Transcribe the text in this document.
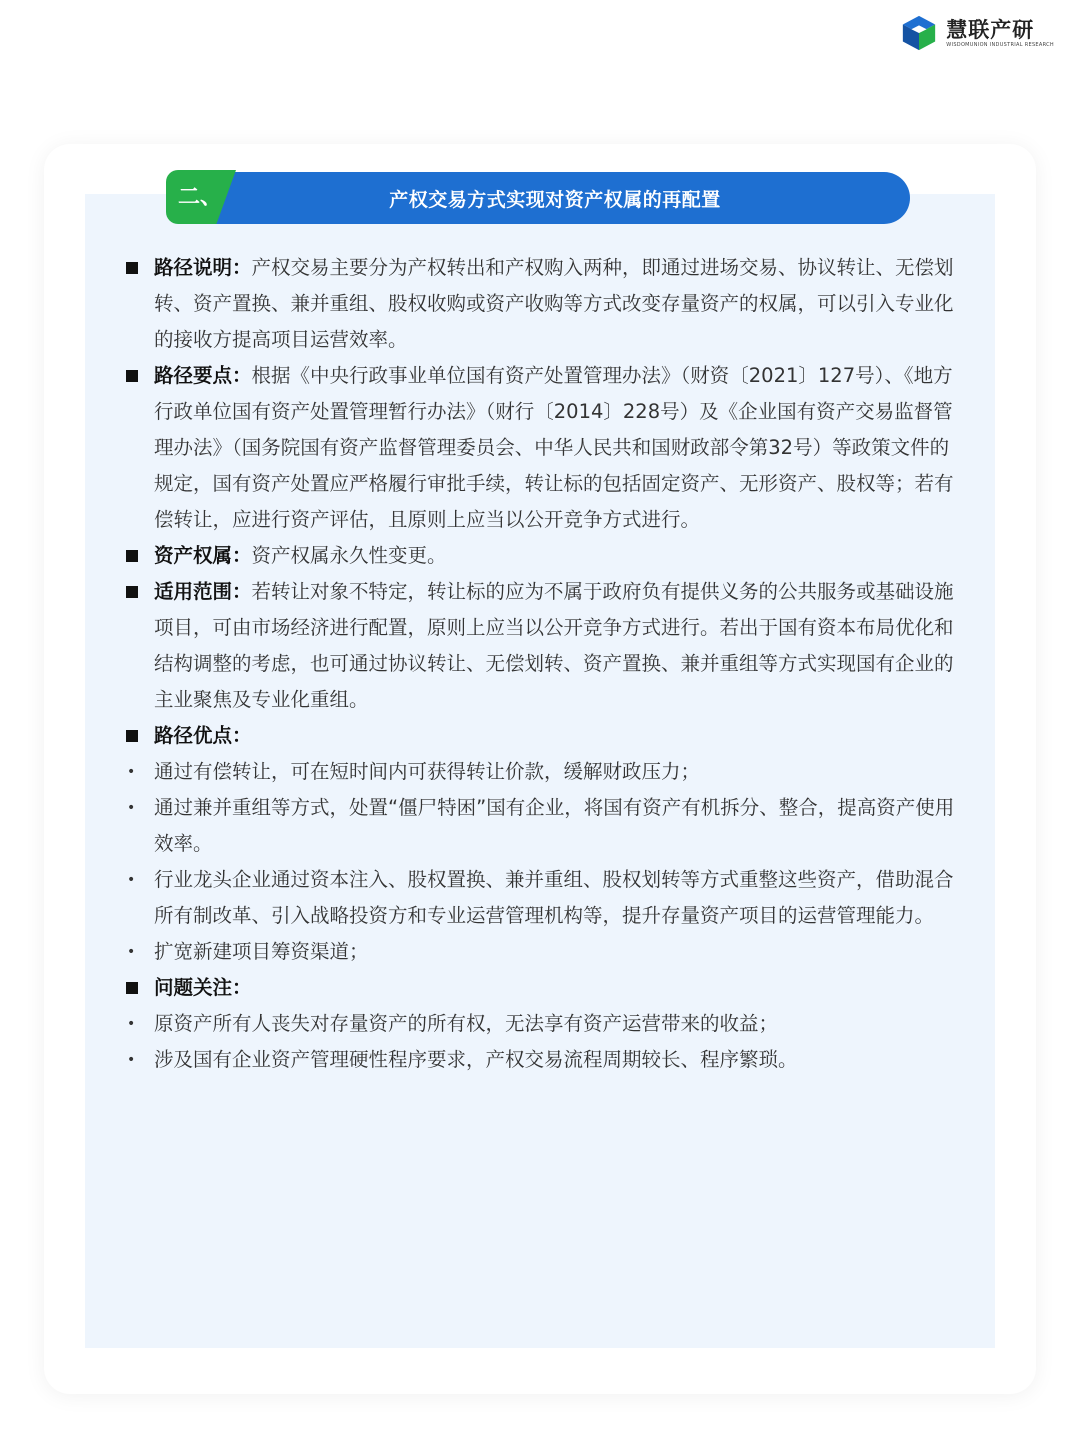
慧联产研
WISDOMUNION INDUSTRIAL RESEARCH
产权交易方式实现对资产权属的再配置
二、
路径说明：产权交易主要分为产权转出和产权购入两种，即通过进场交易、协议转让、无偿划转、资产置换、兼并重组、股权收购或资产收购等方式改变存量资产的权属，可以引入专业化的接收方提高项目运营效率。
路径要点：根据《中央行政事业单位国有资产处置管理办法》（财资〔2021〕127号）、《地方行政单位国有资产处置管理暂行办法》（财行〔2014〕228号）及《企业国有资产交易监督管理办法》（国务院国有资产监督管理委员会、中华人民共和国财政部令第32号）等政策文件的规定，国有资产处置应严格履行审批手续，转让标的包括固定资产、无形资产、股权等；若有偿转让，应进行资产评估，且原则上应当以公开竞争方式进行。
资产权属：资产权属永久性变更。
适用范围：若转让对象不特定，转让标的应为不属于政府负有提供义务的公共服务或基础设施项目，可由市场经济进行配置，原则上应当以公开竞争方式进行。若出于国有资本布局优化和结构调整的考虑，也可通过协议转让、无偿划转、资产置换、兼并重组等方式实现国有企业的主业聚焦及专业化重组。
路径优点：
• 通过有偿转让，可在短时间内可获得转让价款，缓解财政压力；
• 通过兼并重组等方式，处置“僵尸特困”国有企业，将国有资产有机拆分、整合，提高资产使用效率。
• 行业龙头企业通过资本注入、股权置换、兼并重组、股权划转等方式重整这些资产，借助混合所有制改革、引入战略投资方和专业运营管理机构等，提升存量资产项目的运营管理能力。
• 扩宽新建项目筹资渠道；
问题关注：
• 原资产所有人丧失对存量资产的所有权，无法享有资产运营带来的收益；
• 涉及国有企业资产管理硬性程序要求，产权交易流程周期较长、程序繁琐。
